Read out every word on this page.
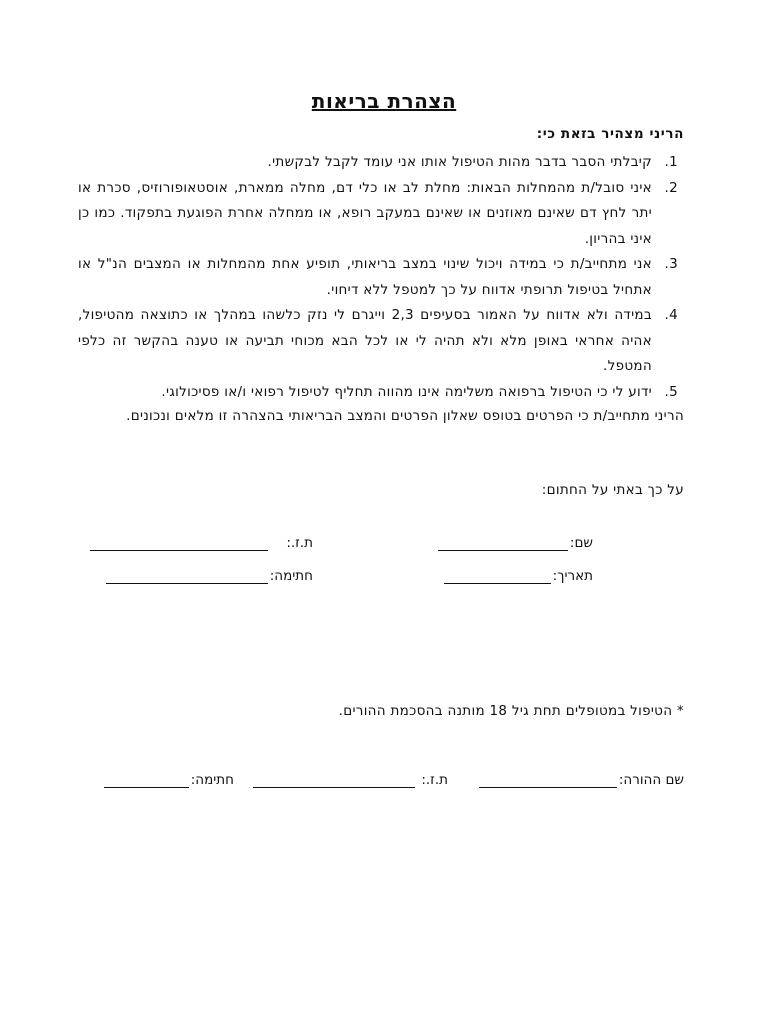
הצהרת בריאות
הריני מצהיר בזאת כי:
1.
קיבלתי הסבר בדבר מהות הטיפול אותו אני עומד לקבל לבקשתי.
2.
איני סובל/ת מהמחלות הבאות: מחלת לב או כלי דם, מחלה ממארת, אוסטאופורוזיס, סכרת או יתר לחץ דם שאינם מאוזנים או שאינם במעקב רופא, או ממחלה אחרת הפוגעת בתפקוד. כמו כן איני בהריון.
3.
אני מתחייב/ת כי במידה ויכול שינוי במצב בריאותי, תופיע אחת מהמחלות או המצבים הנ"ל או אתחיל בטיפול תרופתי אדווח על כך למטפל ללא דיחוי.
4.
במידה ולא אדווח על האמור בסעיפים 2,3 וייגרם לי נזק כלשהו במהלך או כתוצאה מהטיפול, אהיה אחראי באופן מלא ולא תהיה לי או לכל הבא מכוחי תביעה או טענה בהקשר זה כלפי המטפל.
5.
ידוע לי כי הטיפול ברפואה משלימה אינו מהווה תחליף לטיפול רפואי ו/או פסיכולוגי.
הריני מתחייב/ת כי הפרטים בטופס שאלון הפרטים והמצב הבריאותי בהצהרה זו מלאים ונכונים.
על כך באתי על החתום:
שם:
ת.ז.:
תאריך:
חתימה:
* הטיפול במטופלים תחת גיל 18 מותנה בהסכמת ההורים.
שם ההורה:
ת.ז.:
חתימה:
